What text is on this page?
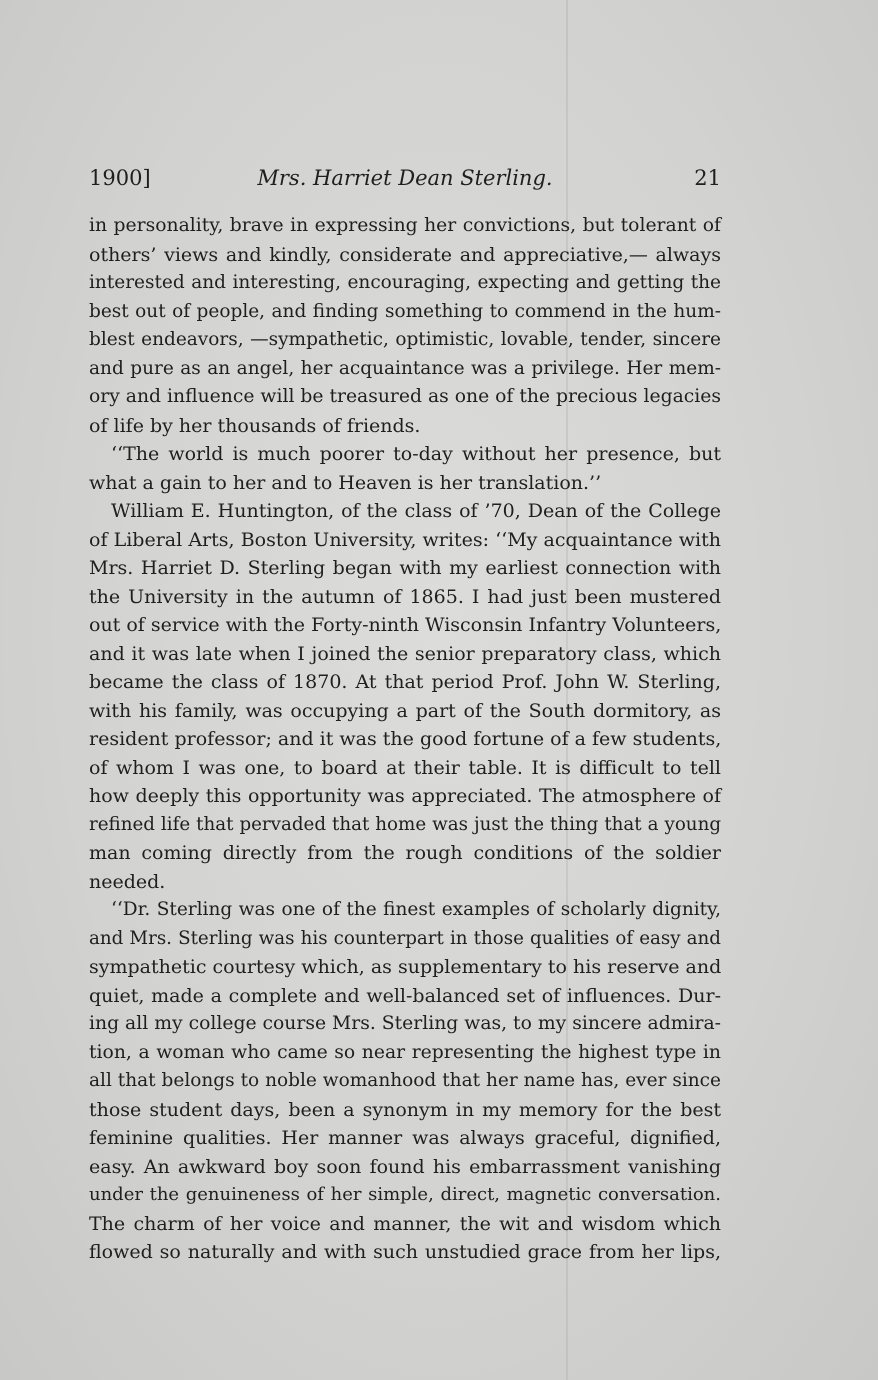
1900]	Mrs. Harriet Dean Sterling.	21
in personality, brave in expressing her convictions, but tolerant of
others’ views and kindly, considerate and appreciative,— always
interested and interesting, encouraging, expecting and getting the
best out of people, and finding something to commend in the hum-
blest endeavors, —sympathetic, optimistic, lovable, tender, sincere
and pure as an angel, her acquaintance was a privilege. Her mem-
ory and influence will be treasured as one of the precious legacies
of life by her thousands of friends.
‘‘The world is much poorer to-day without her presence, but
what a gain to her and to Heaven is her translation.’’
William E. Huntington, of the class of ’70, Dean of the College
of Liberal Arts, Boston University, writes: ‘‘My acquaintance with
Mrs. Harriet D. Sterling began with my earliest connection with
the University in the autumn of 1865. I had just been mustered
out of service with the Forty-ninth Wisconsin Infantry Volunteers,
and it was late when I joined the senior preparatory class, which
became the class of 1870. At that period Prof. John W. Sterling,
with his family, was occupying a part of the South dormitory, as
resident professor; and it was the good fortune of a few students,
of whom I was one, to board at their table. It is difficult to tell
how deeply this opportunity was appreciated. The atmosphere of
refined life that pervaded that home was just the thing that a young
man coming directly from the rough conditions of the soldier
needed.
‘‘Dr. Sterling was one of the finest examples of scholarly dignity,
and Mrs. Sterling was his counterpart in those qualities of easy and
sympathetic courtesy which, as supplementary to his reserve and
quiet, made a complete and well-balanced set of influences. Dur-
ing all my college course Mrs. Sterling was, to my sincere admira-
tion, a woman who came so near representing the highest type in
all that belongs to noble womanhood that her name has, ever since
those student days, been a synonym in my memory for the best
feminine qualities. Her manner was always graceful, dignified,
easy. An awkward boy soon found his embarrassment vanishing
under the genuineness of her simple, direct, magnetic conversation.
The charm of her voice and manner, the wit and wisdom which
flowed so naturally and with such unstudied grace from her lips,
